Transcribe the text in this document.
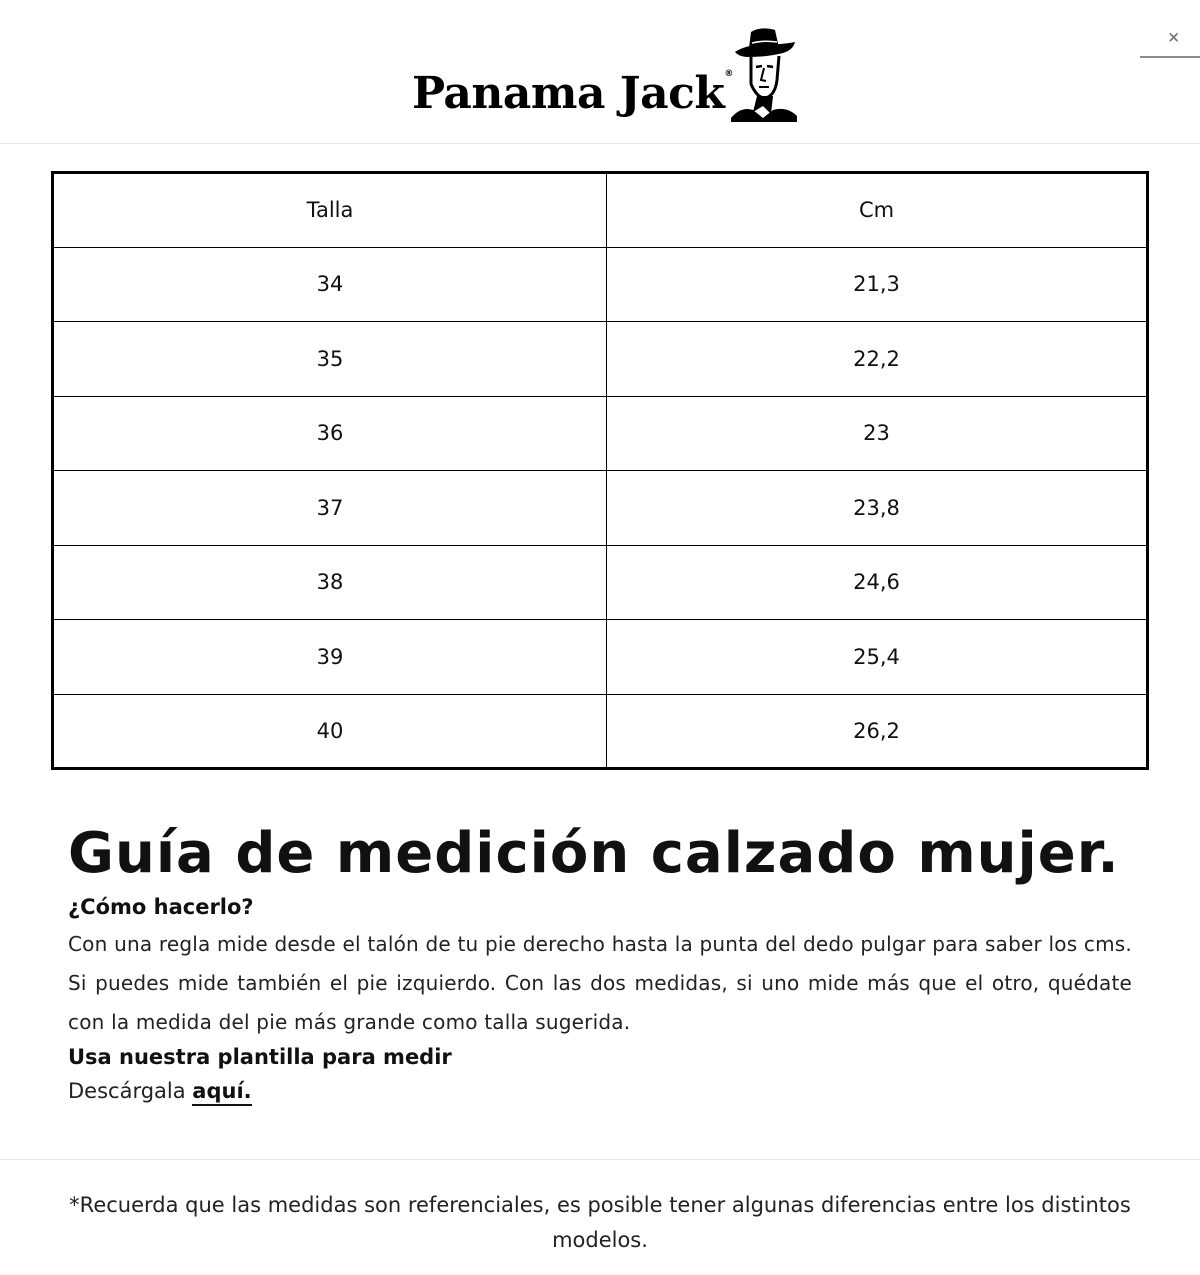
Panama Jack®
×
Talla	Cm
34	21,3
35	22,2
36	23
37	23,8
38	24,6
39	25,4
40	26,2
Guía de medición calzado mujer.
¿Cómo hacerlo?

Con una regla mide desde el talón de tu pie derecho hasta la punta del dedo pulgar para saber los cms. Si puedes mide también el pie izquierdo. Con las dos medidas, si uno mide más que el otro, quédate con la medida del pie más grande como talla sugerida.

Usa nuestra plantilla para medir
Descárgala aquí.

*Recuerda que las medidas son referenciales, es posible tener algunas diferencias entre los distintos modelos.
